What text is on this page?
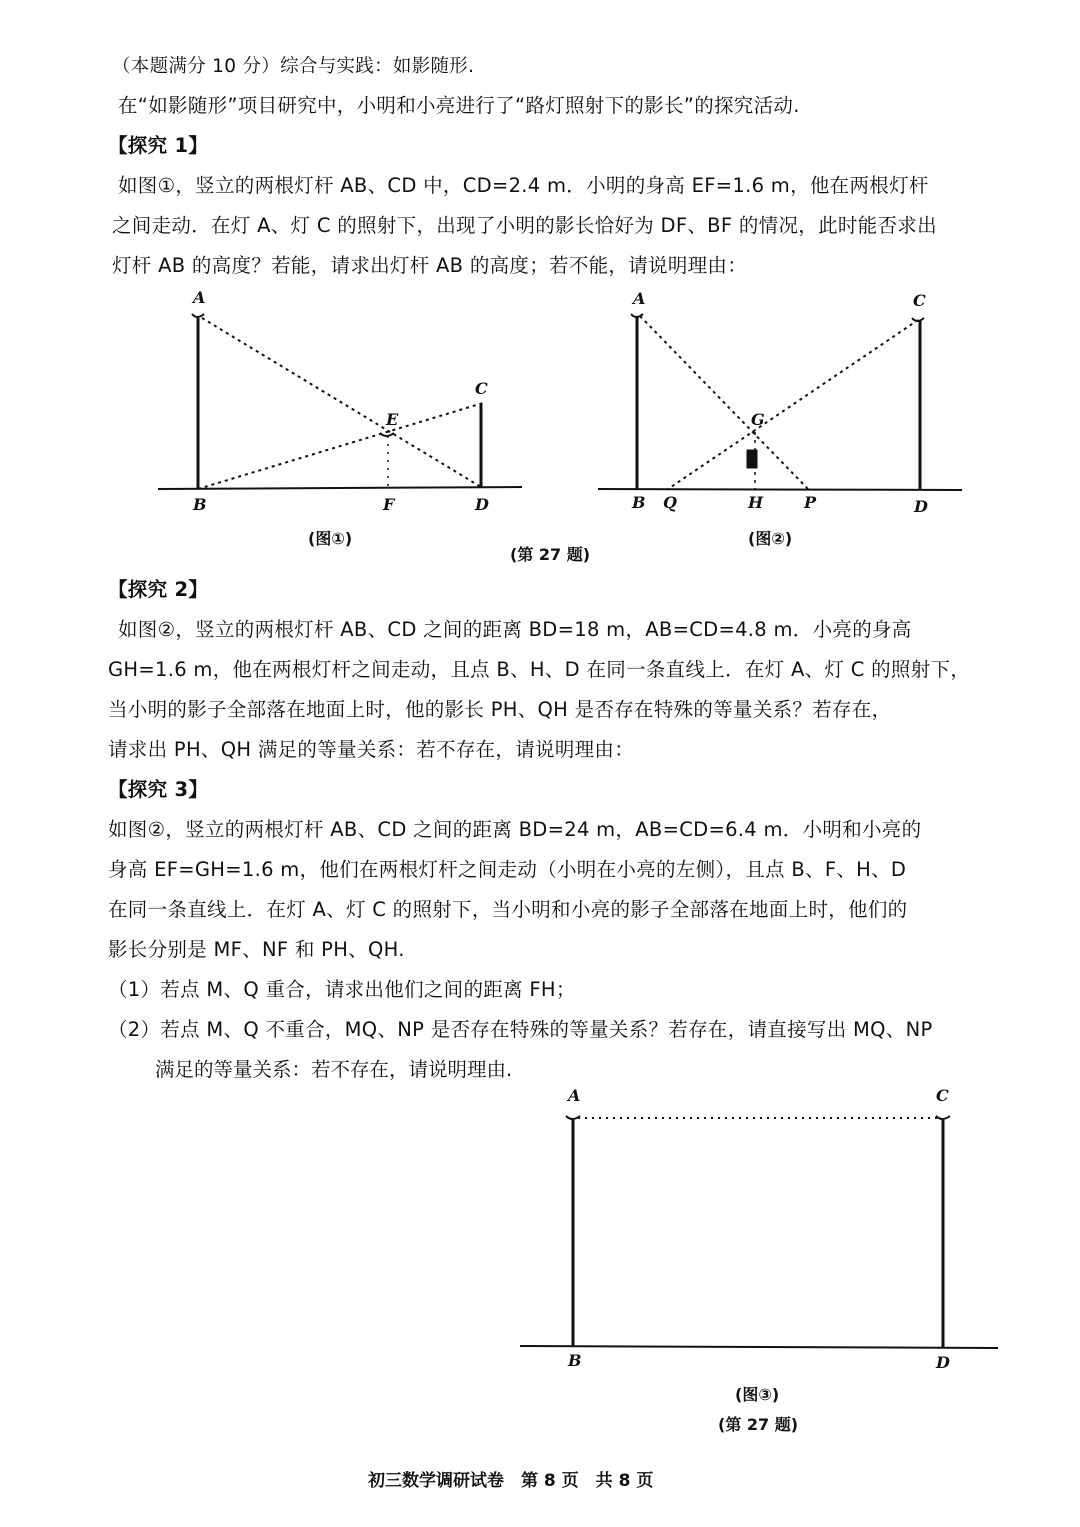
（本题满分 10 分）综合与实践：如影随形.
在“如影随形”项目研究中，小明和小亮进行了“路灯照射下的影长”的探究活动.
【探究 1】
如图①，竖立的两根灯杆 AB、CD 中，CD=2.4 m．小明的身高 EF=1.6 m，他在两根灯杆
之间走动．在灯 A、灯 C 的照射下，出现了小明的影长恰好为 DF、BF 的情况，此时能否求出
灯杆 AB 的高度？若能，请求出灯杆 AB 的高度；若不能，请说明理由：
A
B
C
D
E
F
A
B
C
D
G
H	P
Q
A
B
C
D
(图①)	(图②)
(第 27 题)
【探究 2】
如图②，竖立的两根灯杆 AB、CD 之间的距离 BD=18 m，AB=CD=4.8 m．小亮的身高
GH=1.6 m，他在两根灯杆之间走动，且点 B、H、D 在同一条直线上．在灯 A、灯 C 的照射下，
当小明的影子全部落在地面上时，他的影长 PH、QH 是否存在特殊的等量关系？若存在，
请求出 PH、QH 满足的等量关系：若不存在，请说明理由：
【探究 3】
如图②，竖立的两根灯杆 AB、CD 之间的距离 BD=24 m，AB=CD=6.4 m．小明和小亮的
身高 EF=GH=1.6 m，他们在两根灯杆之间走动（小明在小亮的左侧），且点 B、F、H、D
在同一条直线上．在灯 A、灯 C 的照射下，当小明和小亮的影子全部落在地面上时，他们的
影长分别是 MF、NF 和 PH、QH.
（1）若点 M、Q 重合，请求出他们之间的距离 FH；
（2）若点 M、Q 不重合，MQ、NP 是否存在特殊的等量关系？若存在，请直接写出 MQ、NP
满足的等量关系：若不存在，请说明理由.
(图③)
(第 27 题)
初三数学调研试卷　第 8 页　共 8 页
